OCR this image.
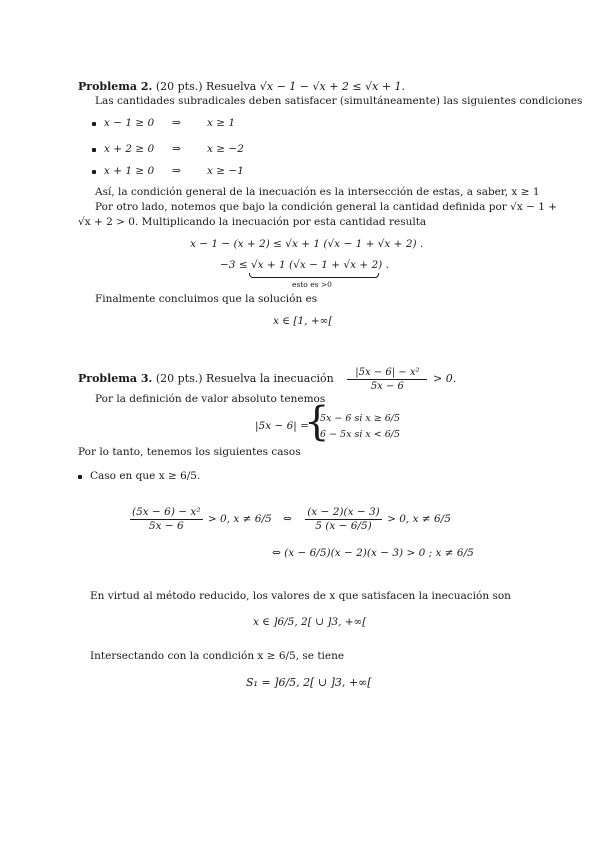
Problema 2. (20 pts.) Resuelva √x − 1 − √x + 2 ≤ √x + 1.
Las cantidades subradicales deben satisfacer (simultáneamente) las siguientes condiciones
x − 1 ≥ 0 ⇒ x ≥ 1
x + 2 ≥ 0 ⇒ x ≥ −2
x + 1 ≥ 0 ⇒ x ≥ −1
Así, la condición general de la inecuación es la intersección de estas, a saber, x ≥ 1
Por otro lado, notemos que bajo la condición general la cantidad definida por √x − 1 +
√x + 2 > 0. Multiplicando la inecuación por esta cantidad resulta
x − 1 − (x + 2) ≤ √x + 1 (√x − 1 + √x + 2) .
−3 ≤ √x + 1 (√x − 1 + √x + 2) .
esto es >0
Finalmente concluimos que la solución es
x ∈ [1, +∞[
Problema 3. (20 pts.) Resuelva la inecuación $\frac{\text{|5x − 6| − x²}}{5x - 6} > 0$.
Por la definición de valor absoluto tenemos
|5x − 6| =
{
5x − 6 si x ≥ 6/5
6 − 5x si x < 6/5
Por lo tanto, tenemos los siguientes casos
Caso en que x ≥ 6/5.
$\frac{\text{(5x − 6) − x²}}{5x - 6} > 0$, x ≠ 6/5 ⇔ $\frac{(x - 2)(x - 3)}{5 (x - 6/5)} > 0$, x ≠ 6/5
⇔ (x − 6/5)(x − 2)(x − 3) > 0 ; x ≠ 6/5
En virtud al método reducido, los valores de x que satisfacen la inecuación son
x ∈ ]6/5, 2[ ∪ ]3, +∞[
Intersectando con la condición x ≥ 6/5, se tiene
S₁ = ]6/5, 2[ ∪ ]3, +∞[
